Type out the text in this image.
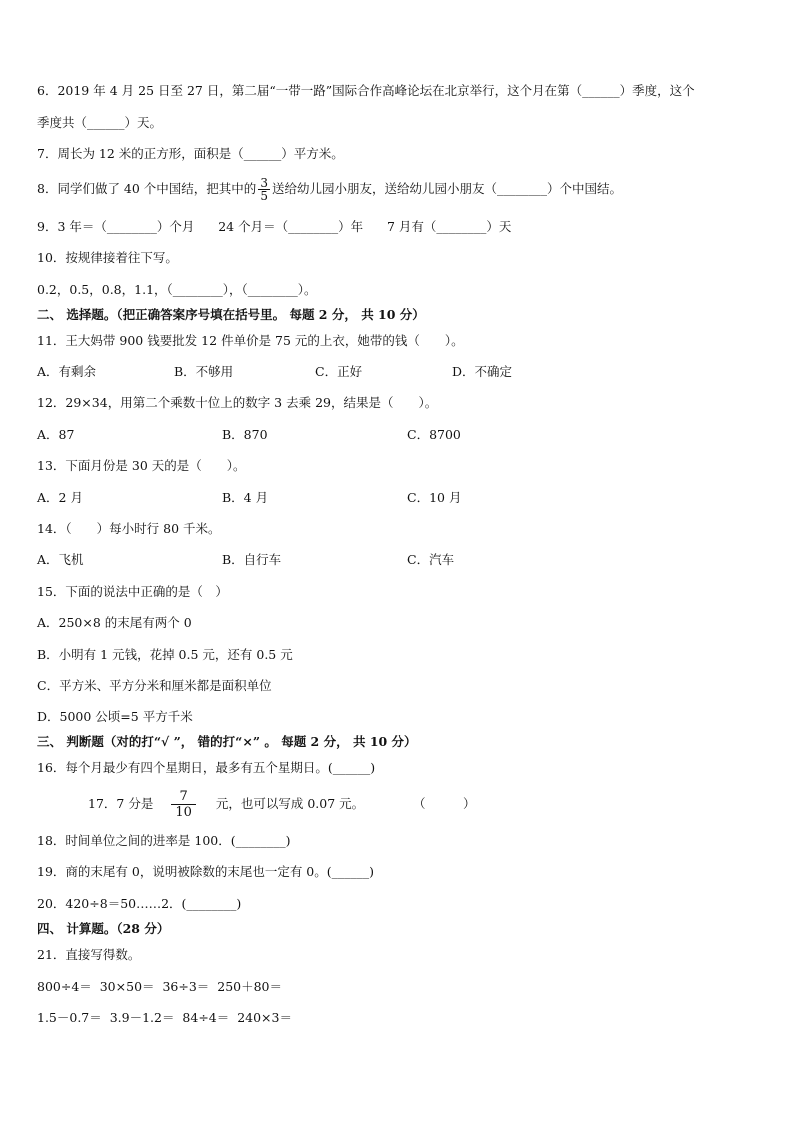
6．2019 年 4 月 25 日至 27 日，第二届“一带一路”国际合作高峰论坛在北京举行，这个月在第（______）季度，这个
季度共（______）天。
7．周长为 12 米的正方形，面积是（______）平方米。
8．同学们做了 40 个中国结，把其中的 $\frac{3}{5}$ 送给幼儿园小朋友，送给幼儿园小朋友（________）个中国结。
9．3 年＝（________）个月      24 个月＝（________）年      7 月有（________）天
10．按规律接着往下写。
0.2，0.5，0.8，1.1，（________），（________）。
二、 选择题。（把正确答案序号填在括号里。 每题 2 分， 共 10 分）
11．王大妈带 900 钱要批发 12 件单价是 75 元的上衣，她带的钱（　　）。
A．有剩余	B．不够用	C．正好	D．不确定
12．29×34，用第二个乘数十位上的数字 3 去乘 29，结果是（　　）。
A．87	B．870	C．8700
13．下面月份是 30 天的是（　　）。
A．2 月	B．4 月	C．10 月
14．（　　）每小时行 80 千米。
A．飞机	B．自行车	C．汽车
15．下面的说法中正确的是（　）
A．250×8 的末尾有两个 0
B．小明有 1 元钱，花掉 0.5 元，还有 0.5 元
C．平方米、平方分米和厘米都是面积单位
D．5000 公顷=5 平方千米
三、 判断题（对的打“√ ”， 错的打“×” 。 每题 2 分， 共 10 分）
16．每个月最少有四个星期日，最多有五个星期日。(______)
17．7 分是 $\frac{7}{10}$ 元，也可以写成 0.07 元。	（　　　）
18．时间单位之间的进率是 100．(________)
19．商的末尾有 0，说明被除数的末尾也一定有 0。(______)
20．420÷8＝50……2．(________)
四、 计算题。（28 分）
21．直接写得数。
800÷4＝  30×50＝  36÷3＝  250＋80＝
1.5－0.7＝  3.9－1.2＝  84÷4＝  240×3＝
